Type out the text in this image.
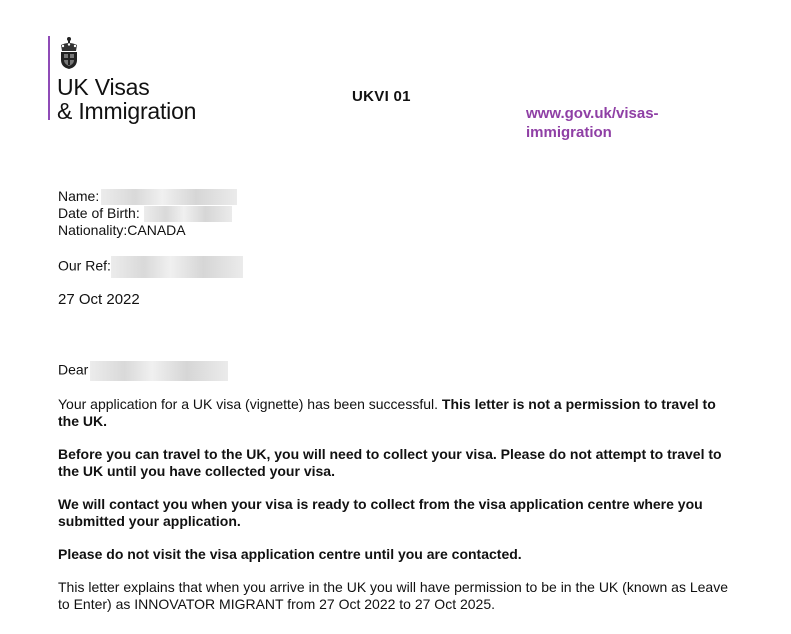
UK Visas
& Immigration
UKVI 01
www.gov.uk/visas-
immigration
Name:
Date of Birth:
Nationality:CANADA
Our Ref:
27 Oct 2022
Dear

Your application for a UK visa (vignette) has been successful. This letter is not a permission to travel to the UK.

Before you can travel to the UK, you will need to collect your visa. Please do not attempt to travel to the UK until you have collected your visa.

We will contact you when your visa is ready to collect from the visa application centre where you submitted your application.

Please do not visit the visa application centre until you are contacted.

This letter explains that when you arrive in the UK you will have permission to be in the UK (known as Leave to Enter) as INNOVATOR MIGRANT from 27 Oct 2022 to 27 Oct 2025.
